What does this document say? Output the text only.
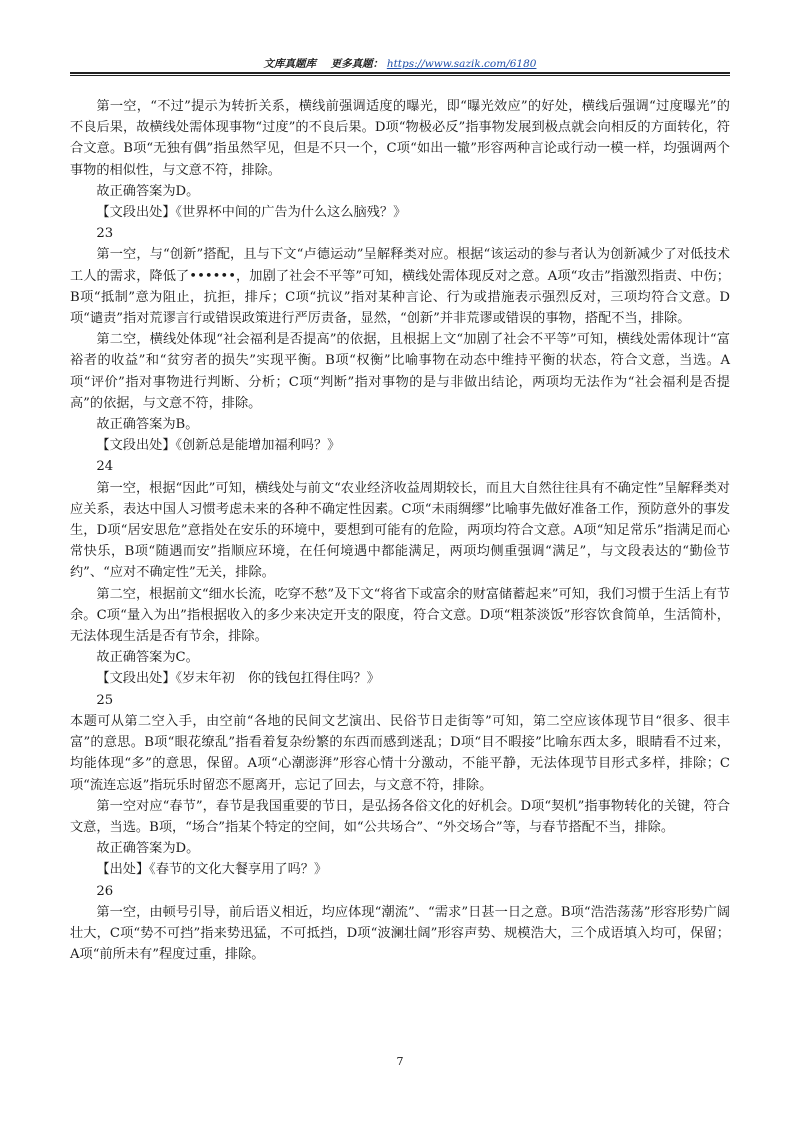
文库真题库 更多真题： https://www.sazik.com/6180

第一空，“不过”提示为转折关系，横线前强调适度的曝光，即“曝光效应”的好处，横线后强调“过度曝光”的不良后果，故横线处需体现事物“过度”的不良后果。D项“物极必反”指事物发展到极点就会向相反的方面转化，符合文意。B项“无独有偶”指虽然罕见，但是不只一个，C项“如出一辙”形容两种言论或行动一模一样，均强调两个事物的相似性，与文意不符，排除。

故正确答案为D。

【文段出处】《世界杯中间的广告为什么这么脑残？》

23

第一空，与“创新”搭配，且与下文“卢德运动”呈解释类对应。根据“该运动的参与者认为创新减少了对低技术工人的需求，降低了••••••，加剧了社会不平等”可知，横线处需体现反对之意。A项“攻击”指激烈指责、中伤；B项“抵制”意为阻止，抗拒，排斥；C项“抗议”指对某种言论、行为或措施表示强烈反对，三项均符合文意。D项“谴责”指对荒谬言行或错误政策进行严厉责备，显然，“创新”并非荒谬或错误的事物，搭配不当，排除。

第二空，横线处体现“社会福利是否提高”的依据，且根据上文“加剧了社会不平等”可知，横线处需体现计“富裕者的收益”和“贫穷者的损失”实现平衡。B项“权衡”比喻事物在动态中维持平衡的状态，符合文意，当选。A项“评价”指对事物进行判断、分析；C项“判断”指对事物的是与非做出结论，两项均无法作为“社会福利是否提高”的依据，与文意不符，排除。

故正确答案为B。

【文段出处】《创新总是能增加福利吗？》

24

第一空，根据“因此”可知，横线处与前文“农业经济收益周期较长，而且大自然往往具有不确定性”呈解释类对应关系，表达中国人习惯考虑未来的各种不确定性因素。C项“未雨绸缪”比喻事先做好准备工作，预防意外的事发生，D项“居安思危”意指处在安乐的环境中，要想到可能有的危险，两项均符合文意。A项“知足常乐”指满足而心常快乐，B项“随遇而安”指顺应环境，在任何境遇中都能满足，两项均侧重强调“满足”，与文段表达的“勤俭节约”、“应对不确定性”无关，排除。

第二空，根据前文“细水长流，吃穿不愁”及下文“将省下或富余的财富储蓄起来”可知，我们习惯于生活上有节余。C项“量入为出”指根据收入的多少来决定开支的限度，符合文意。D项“粗茶淡饭”形容饮食简单，生活简朴，无法体现生活是否有节余，排除。

故正确答案为C。

【文段出处】《岁末年初　你的钱包扛得住吗？》

25

本题可从第二空入手，由空前“各地的民间文艺演出、民俗节日走街等”可知，第二空应该体现节目“很多、很丰富”的意思。B项“眼花缭乱”指看着复杂纷繁的东西而感到迷乱；D项“目不暇接”比喻东西太多，眼睛看不过来，均能体现“多”的意思，保留。A项“心潮澎湃”形容心情十分激动，不能平静，无法体现节目形式多样，排除；C项“流连忘返”指玩乐时留恋不愿离开，忘记了回去，与文意不符，排除。

第一空对应“春节”，春节是我国重要的节日，是弘扬各俗文化的好机会。D项“契机”指事物转化的关键，符合文意，当选。B项，“场合”指某个特定的空间，如“公共场合”、“外交场合”等，与春节搭配不当，排除。

故正确答案为D。

【出处】《春节的文化大餐享用了吗？》

26

第一空，由顿号引导，前后语义相近，均应体现“潮流”、“需求”日甚一日之意。B项“浩浩荡荡”形容形势广阔壮大，C项“势不可挡”指来势迅猛，不可抵挡，D项“波澜壮阔”形容声势、规模浩大，三个成语填入均可，保留；A项“前所未有”程度过重，排除。

7
